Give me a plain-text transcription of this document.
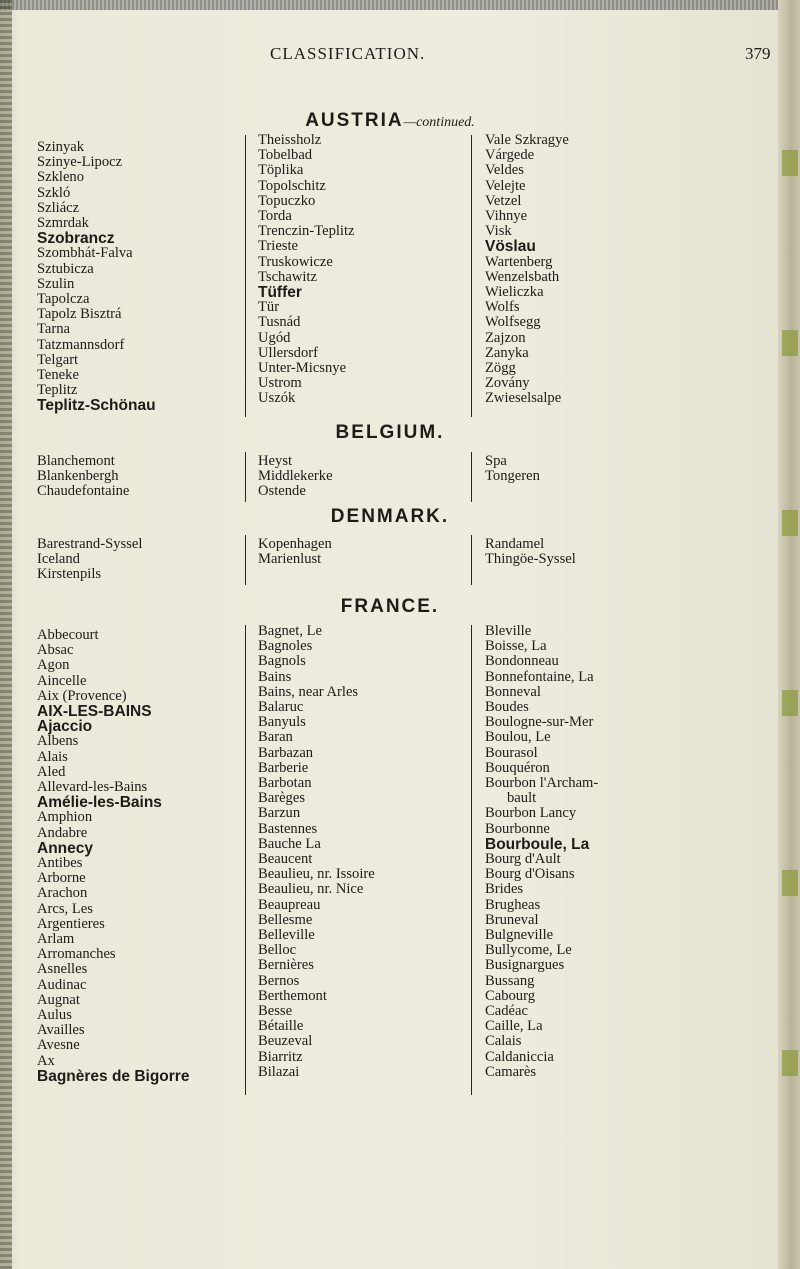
CLASSIFICATION.	379
AUSTRIA—continued.
Szinyak
Szinye-Lipocz
Szkleno
Szkló
Szliácz
Szmrdak
Szobrancz
Szombhát-Falva
Sztubicza
Szulin
Tapolcza
Tapolz Bisztrá
Tarna
Tatzmannsdorf
Telgart
Teneke
Teplitz
Teplitz-Schönau
Theissholz
Tobelbad
Töplika
Topolschitz
Topuczko
Torda
Trenczin-Teplitz
Trieste
Truskowicze
Tschawitz
Tüffer
Tür
Tusnád
Ugód
Ullersdorf
Unter-Micsnye
Ustrom
Uszók
Vale Szkragye
Várgede
Veldes
Velejte
Vetzel
Vihnye
Visk
Vöslau
Wartenberg
Wenzelsbath
Wieliczka
Wolfs
Wolfsegg
Zajzon
Zanyka
Zögg
Zovány
Zwieselsalpe
BELGIUM.
Blanchemont
Blankenbergh
Chaudefontaine
Heyst
Middlekerke
Ostende
Spa
Tongeren
DENMARK.
Barestrand-Syssel
Iceland
Kirstenpils
Kopenhagen
Marienlust
Randamel
Thingöe-Syssel
FRANCE.
Abbecourt
Absac
Agon
Aincelle
Aix (Provence)
AIX-LES-BAINS
Ajaccio
Albens
Alais
Aled
Allevard-les-Bains
Amélie-les-Bains
Amphion
Andabre
Annecy
Antibes
Arborne
Arachon
Arcs, Les
Argentieres
Arlam
Arromanches
Asnelles
Audinac
Augnat
Aulus
Availles
Avesne
Ax
Bagnères de Bigorre
Bagnet, Le
Bagnoles
Bagnols
Bains
Bains, near Arles
Balaruc
Banyuls
Baran
Barbazan
Barberie
Barbotan
Barèges
Barzun
Bastennes
Bauche La
Beaucent
Beaulieu, nr. Issoire
Beaulieu, nr. Nice
Beaupreau
Bellesme
Belleville
Belloc
Bernières
Bernos
Berthemont
Besse
Bétaille
Beuzeval
Biarritz
Bilazai
Bleville
Boisse, La
Bondonneau
Bonnefontaine, La
Bonneval
Boudes
Boulogne-sur-Mer
Boulou, Le
Bourasol
Bouquéron
Bourbon l'Archam-
bault
Bourbon Lancy
Bourbonne
Bourboule, La
Bourg d'Ault
Bourg d'Oisans
Brides
Brugheas
Bruneval
Bulgneville
Bullycome, Le
Busignargues
Bussang
Cabourg
Cadéac
Caille, La
Calais
Caldaniccia
Camarès
